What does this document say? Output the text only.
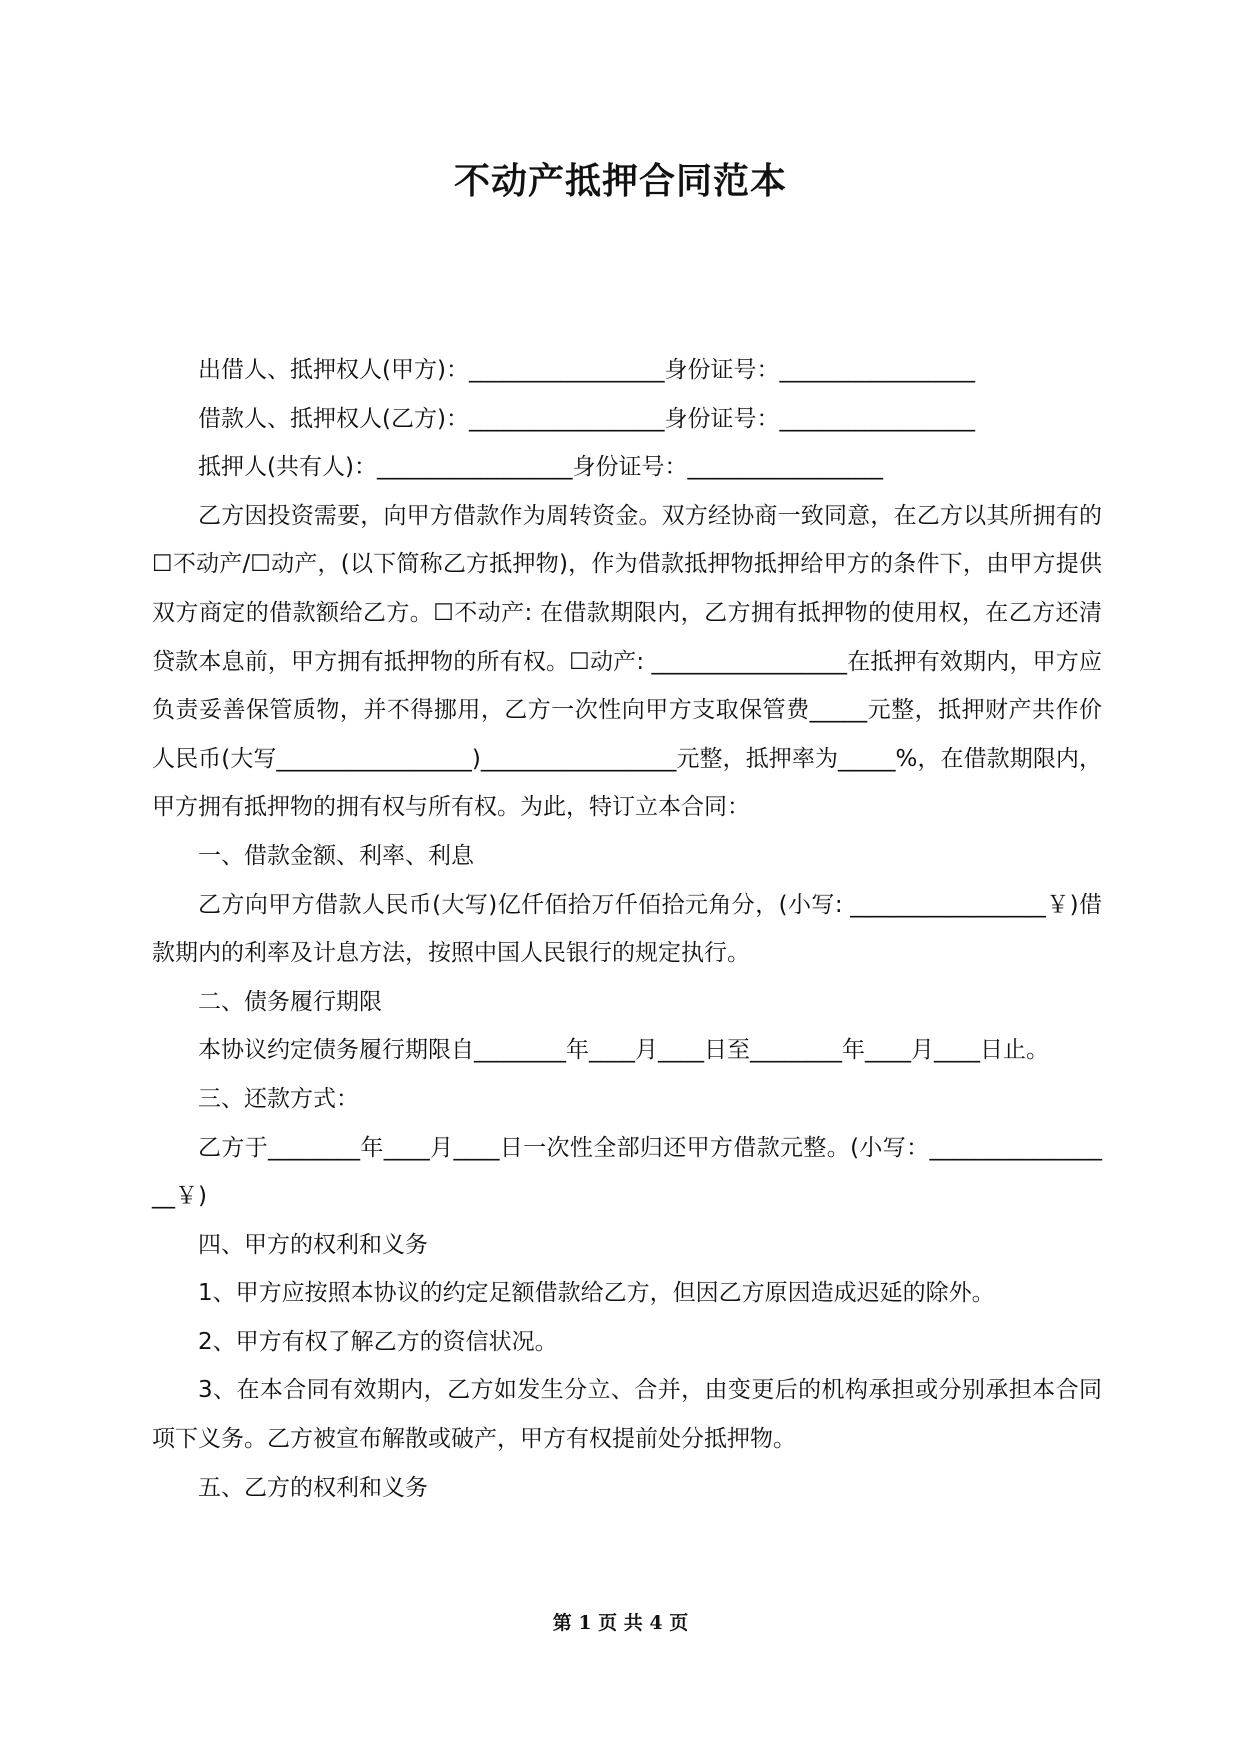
不动产抵押合同范本

出借人、抵押权人(甲方)：_________________身份证号：_________________

借款人、抵押权人(乙方)：_________________身份证号：_________________

抵押人(共有人)：_________________身份证号：_________________

乙方因投资需要，向甲方借款作为周转资金。双方经协商一致同意，在乙方以其所拥有的☐不动产/☐动产，(以下简称乙方抵押物)，作为借款抵押物抵押给甲方的条件下，由甲方提供双方商定的借款额给乙方。☐不动产: 在借款期限内，乙方拥有抵押物的使用权，在乙方还清贷款本息前，甲方拥有抵押物的所有权。☐动产: _________________在抵押有效期内，甲方应负责妥善保管质物，并不得挪用，乙方一次性向甲方支取保管费_____元整，抵押财产共作价人民币(大写_________________)_________________元整，抵押率为_____%，在借款期限内，甲方拥有抵押物的拥有权与所有权。为此，特订立本合同：

一、借款金额、利率、利息

乙方向甲方借款人民币(大写)亿仟佰拾万仟佰拾元角分，(小写: _________________￥)借款期内的利率及计息方法，按照中国人民银行的规定执行。

二、债务履行期限

本协议约定债务履行期限自________年____月____日至________年____月____日止。

三、还款方式：

乙方于________年____月____日一次性全部归还甲方借款元整。(小写：_________________￥)

四、甲方的权利和义务

1、甲方应按照本协议的约定足额借款给乙方，但因乙方原因造成迟延的除外。

2、甲方有权了解乙方的资信状况。

3、在本合同有效期内，乙方如发生分立、合并，由变更后的机构承担或分别承担本合同项下义务。乙方被宣布解散或破产，甲方有权提前处分抵押物。

五、乙方的权利和义务

第 1 页 共 4 页
